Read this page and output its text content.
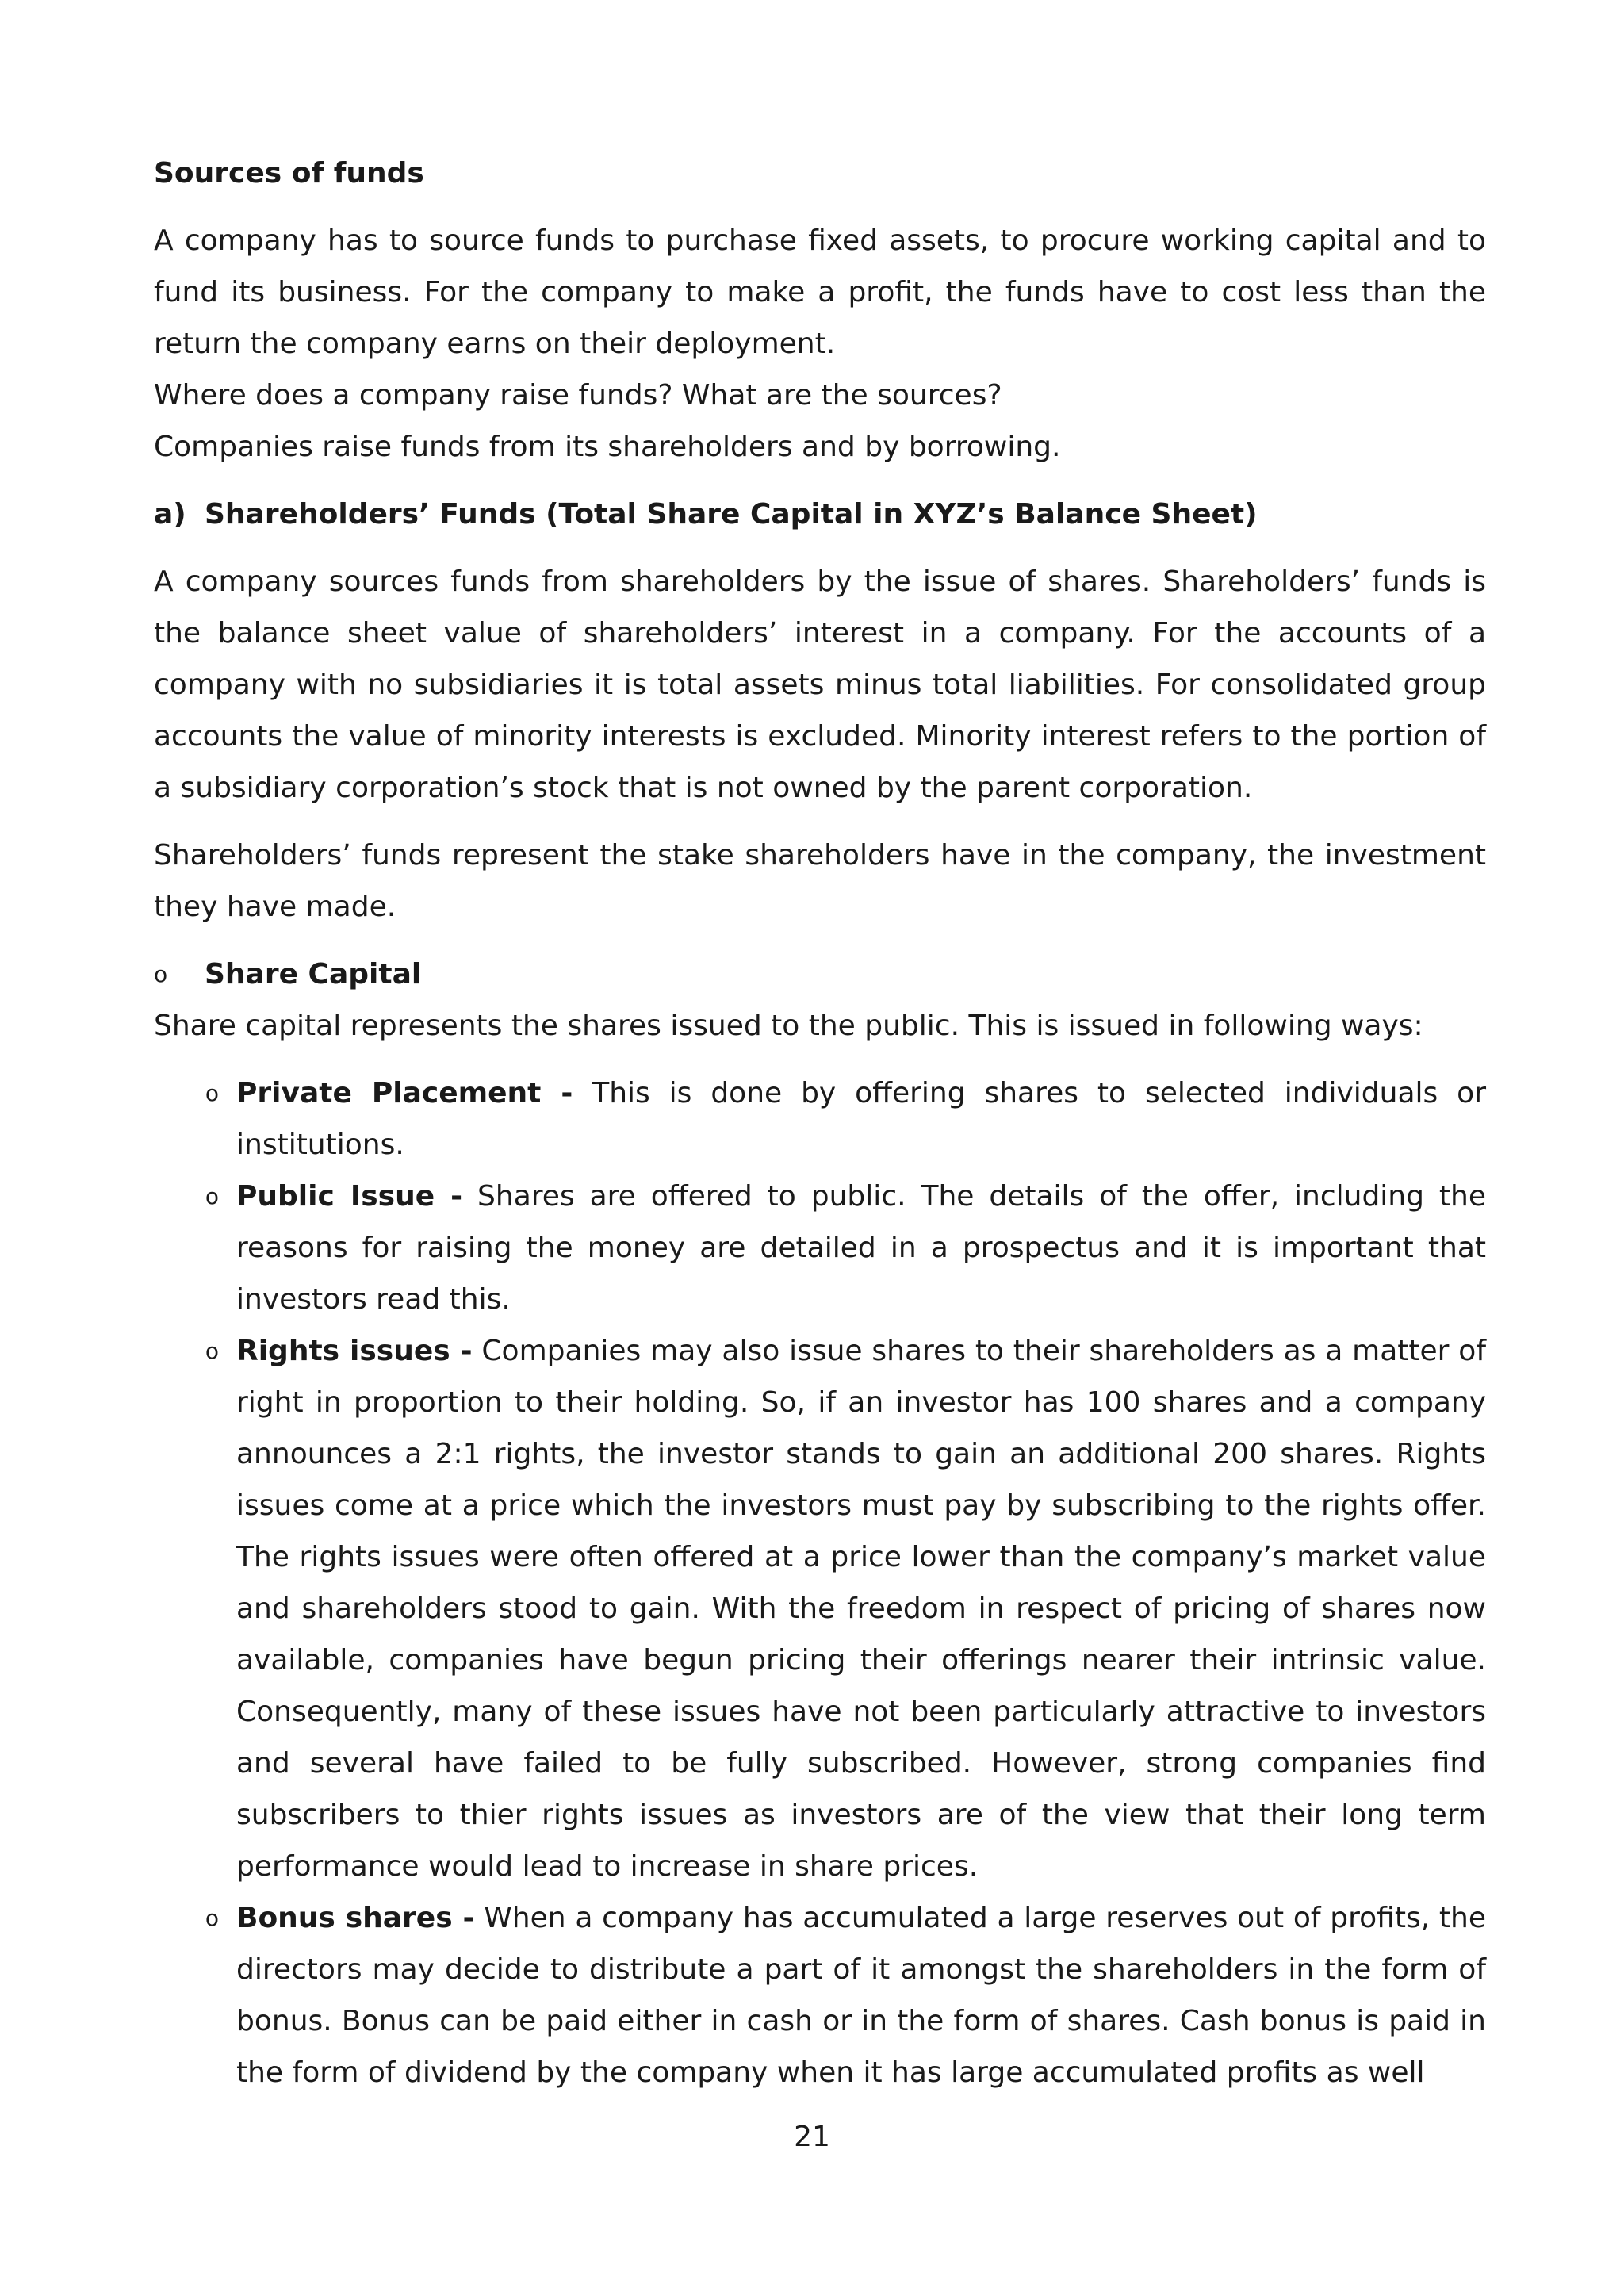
Sources of funds

A company has to source funds to purchase fixed assets, to procure working capital and to fund its business. For the company to make a profit, the funds have to cost less than the return the company earns on their deployment.

Where does a company raise funds? What are the sources?

Companies raise funds from its shareholders and by borrowing.

a) Shareholders’ Funds (Total Share Capital in XYZ’s Balance Sheet)

A company sources funds from shareholders by the issue of shares. Shareholders’ funds is the balance sheet value of shareholders’ interest in a company. For the accounts of a company with no subsidiaries it is total assets minus total liabilities. For consolidated group accounts the value of minority interests is excluded. Minority interest refers to the portion of a subsidiary corporation’s stock that is not owned by the parent corporation.

Shareholders’ funds represent the stake shareholders have in the company, the investment they have made.

o	Share Capital

Share capital represents the shares issued to the public. This is issued in following ways:

o Private Placement - This is done by offering shares to selected individuals or institutions.
o Public Issue - Shares are offered to public. The details of the offer, including the reasons for raising the money are detailed in a prospectus and it is important that investors read this.
o Rights issues - Companies may also issue shares to their shareholders as a matter of right in proportion to their holding. So, if an investor has 100 shares and a company announces a 2:1 rights, the investor stands to gain an additional 200 shares. Rights issues come at a price which the investors must pay by subscribing to the rights offer. The rights issues were often offered at a price lower than the company’s market value and shareholders stood to gain. With the freedom in respect of pricing of shares now available, companies have begun pricing their offerings nearer their intrinsic value. Consequently, many of these issues have not been particularly attractive to investors and several have failed to be fully subscribed. However, strong companies find subscribers to thier rights issues as investors are of the view that their long term performance would lead to increase in share prices.
o Bonus shares - When a company has accumulated a large reserves out of profits, the directors may decide to distribute a part of it amongst the shareholders in the form of bonus. Bonus can be paid either in cash or in the form of shares. Cash bonus is paid in the form of dividend by the company when it has large accumulated profits as well
21
